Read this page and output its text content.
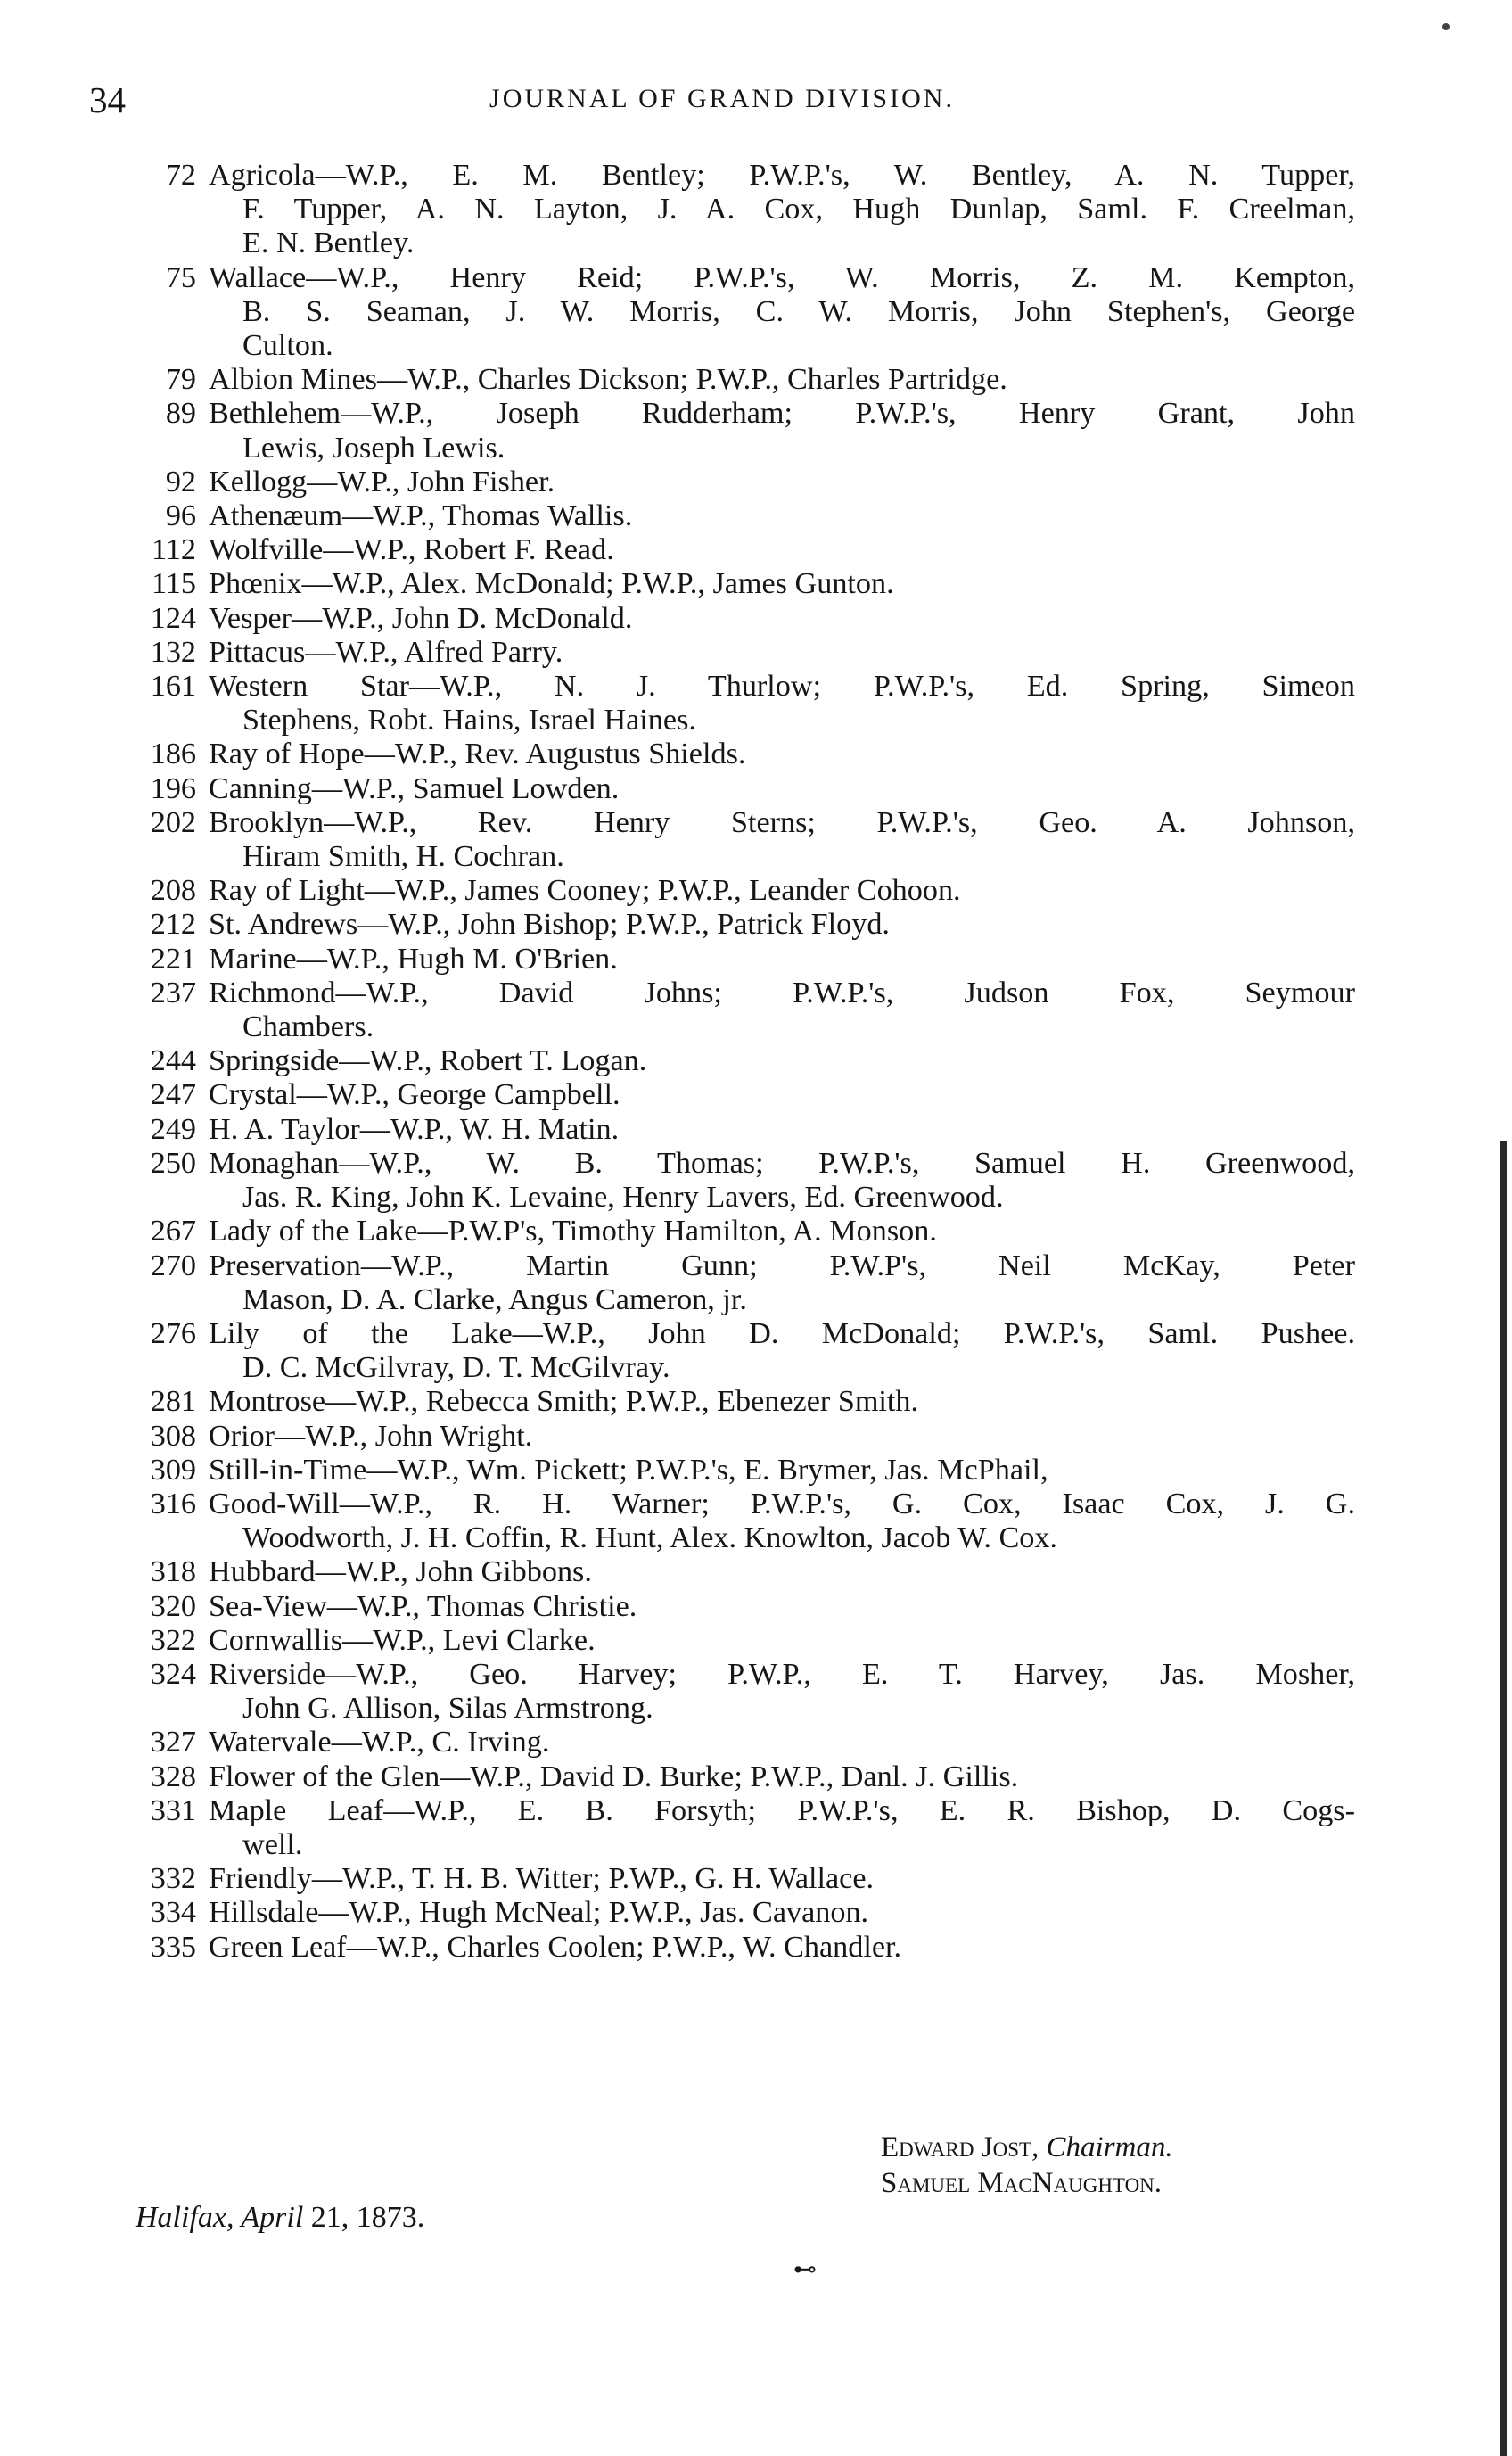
34	JOURNAL OF GRAND DIVISION.
72 Agricola—W.P., E. M. Bentley; P.W.P.'s, W. Bentley, A. N. Tupper,
F. Tupper, A. N. Layton, J. A. Cox, Hugh Dunlap, Saml. F. Creelman,
E. N. Bentley.
75 Wallace—W.P., Henry Reid; P.W.P.'s, W. Morris, Z. M. Kempton,
B. S. Seaman, J. W. Morris, C. W. Morris, John Stephen's, George
Culton.
79 Albion Mines—W.P., Charles Dickson; P.W.P., Charles Partridge.
89 Bethlehem—W.P., Joseph Rudderham; P.W.P.'s, Henry Grant, John
Lewis, Joseph Lewis.
92 Kellogg—W.P., John Fisher.
96 Athenæum—W.P., Thomas Wallis.
112 Wolfville—W.P., Robert F. Read.
115 Phœnix—W.P., Alex. McDonald; P.W.P., James Gunton.
124 Vesper—W.P., John D. McDonald.
132 Pittacus—W.P., Alfred Parry.
161 Western Star—W.P., N. J. Thurlow; P.W.P.'s, Ed. Spring, Simeon
Stephens, Robt. Hains, Israel Haines.
186 Ray of Hope—W.P., Rev. Augustus Shields.
196 Canning—W.P., Samuel Lowden.
202 Brooklyn—W.P., Rev. Henry Sterns; P.W.P.'s, Geo. A. Johnson,
Hiram Smith, H. Cochran.
208 Ray of Light—W.P., James Cooney; P.W.P., Leander Cohoon.
212 St. Andrews—W.P., John Bishop; P.W.P., Patrick Floyd.
221 Marine—W.P., Hugh M. O'Brien.
237 Richmond—W.P., David Johns; P.W.P.'s, Judson Fox, Seymour
Chambers.
244 Springside—W.P., Robert T. Logan.
247 Crystal—W.P., George Campbell.
249 H. A. Taylor—W.P., W. H. Matin.
250 Monaghan—W.P., W. B. Thomas; P.W.P.'s, Samuel H. Greenwood,
Jas. R. King, John K. Levaine, Henry Lavers, Ed. Greenwood.
267 Lady of the Lake—P.W.P's, Timothy Hamilton, A. Monson.
270 Preservation—W.P., Martin Gunn; P.W.P's, Neil McKay, Peter
Mason, D. A. Clarke, Angus Cameron, jr.
276 Lily of the Lake—W.P., John D. McDonald; P.W.P.'s, Saml. Pushee.
D. C. McGilvray, D. T. McGilvray.
281 Montrose—W.P., Rebecca Smith; P.W.P., Ebenezer Smith.
308 Orior—W.P., John Wright.
309 Still-in-Time—W.P., Wm. Pickett; P.W.P.'s, E. Brymer, Jas. McPhail,
316 Good-Will—W.P., R. H. Warner; P.W.P.'s, G. Cox, Isaac Cox, J. G.
Woodworth, J. H. Coffin, R. Hunt, Alex. Knowlton, Jacob W. Cox.
318 Hubbard—W.P., John Gibbons.
320 Sea-View—W.P., Thomas Christie.
322 Cornwallis—W.P., Levi Clarke.
324 Riverside—W.P., Geo. Harvey; P.W.P., E. T. Harvey, Jas. Mosher,
John G. Allison, Silas Armstrong.
327 Watervale—W.P., C. Irving.
328 Flower of the Glen—W.P., David D. Burke; P.W.P., Danl. J. Gillis.
331 Maple Leaf—W.P., E. B. Forsyth; P.W.P.'s, E. R. Bishop, D. Cogs-
well.
332 Friendly—W.P., T. H. B. Witter; P.WP., G. H. Wallace.
334 Hillsdale—W.P., Hugh McNeal; P.W.P., Jas. Cavanon.
335 Green Leaf—W.P., Charles Coolen; P.W.P., W. Chandler.
Edward Jost, Chairman.
Samuel MacNaughton.
Halifax, April 21, 1873.
⊷
